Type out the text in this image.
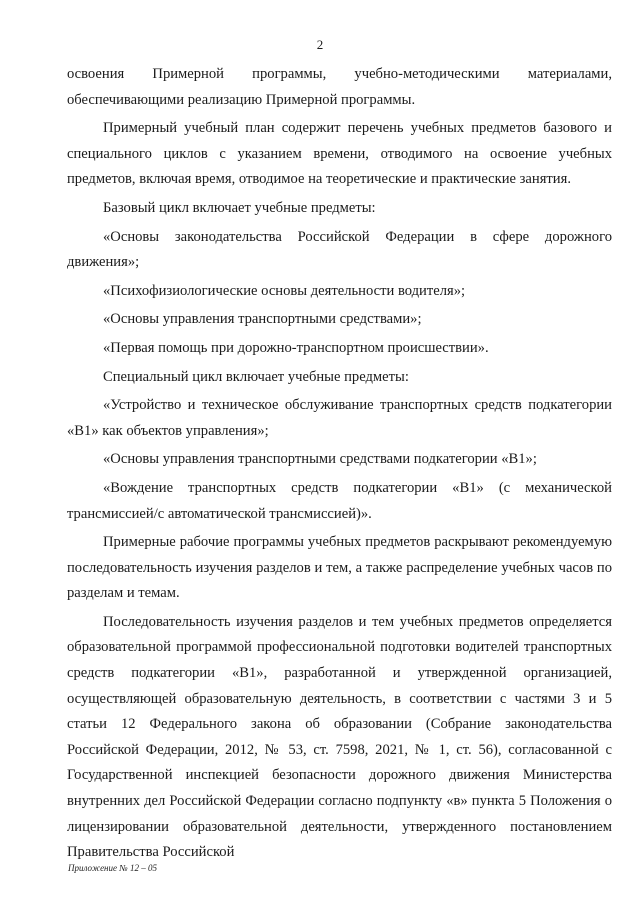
2

освоения Примерной программы, учебно-методическими материалами, обеспечивающими реализацию Примерной программы.

Примерный учебный план содержит перечень учебных предметов базового и специального циклов с указанием времени, отводимого на освоение учебных предметов, включая время, отводимое на теоретические и практические занятия.

Базовый цикл включает учебные предметы:

«Основы законодательства Российской Федерации в сфере дорожного движения»;

«Психофизиологические основы деятельности водителя»;

«Основы управления транспортными средствами»;

«Первая помощь при дорожно-транспортном происшествии».

Специальный цикл включает учебные предметы:

«Устройство и техническое обслуживание транспортных средств подкатегории «B1» как объектов управления»;

«Основы управления транспортными средствами подкатегории «B1»;

«Вождение транспортных средств подкатегории «B1» (с механической трансмиссией/с автоматической трансмиссией)».

Примерные рабочие программы учебных предметов раскрывают рекомендуемую последовательность изучения разделов и тем, а также распределение учебных часов по разделам и темам.

Последовательность изучения разделов и тем учебных предметов определяется образовательной программой профессиональной подготовки водителей транспортных средств подкатегории «B1», разработанной и утвержденной организацией, осуществляющей образовательную деятельность, в соответствии с частями 3 и 5 статьи 12 Федерального закона об образовании (Собрание законодательства Российской Федерации, 2012, № 53, ст. 7598, 2021, № 1, ст. 56), согласованной с Государственной инспекцией безопасности дорожного движения Министерства внутренних дел Российской Федерации согласно подпункту «в» пункта 5 Положения о лицензировании образовательной деятельности, утвержденного постановлением Правительства Российской

Приложение № 12 – 05
